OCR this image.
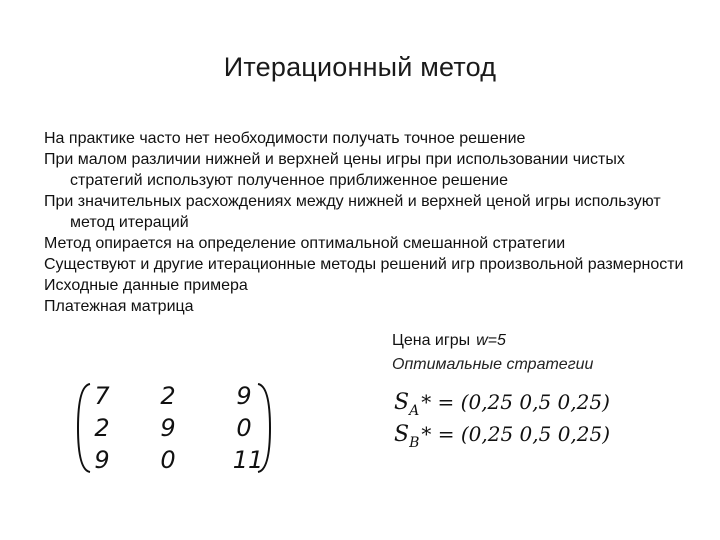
Итерационный метод

На практике часто нет необходимости получать точное решение

При малом различии нижней и верхней цены игры при использовании чистых стратегий используют полученное приближенное решение

При значительных расхождениях между нижней и верхней ценой игры используют метод итераций

Метод опирается на определение оптимальной смешанной стратегии

Существуют и другие итерационные методы решений игр произвольной размерности

Исходные данные примера

Платежная матрица

Цена игры w=5
Оптимальные стратегии
7	2	9
2	9	0
9	0	11
$S_A$ * = (0,25 0,5 0,25)
$S_B$ * = (0,25 0,5 0,25)
